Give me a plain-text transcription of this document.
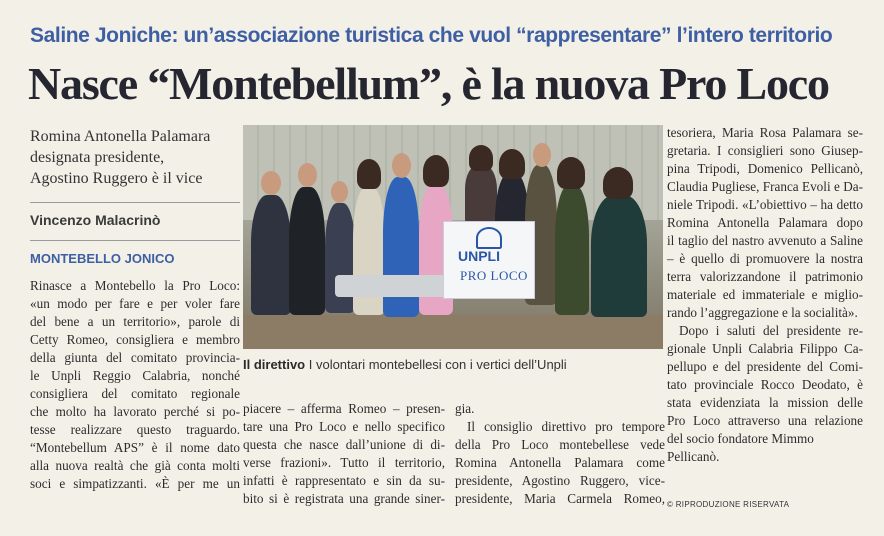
Saline Joniche: un’associazione turistica che vuol “rappresentare” l’intero territorio
Nasce “Montebellum”, è la nuova Pro Loco
Romina Antonella Palamara
designata presidente,
Agostino Ruggero è il vice
Vincenzo Malacrinò
MONTEBELLO JONICO
Rinasce a Montebello la Pro Loco:
«un modo per fare e per voler fare
del bene a un territorio», parole di
Cetty Romeo, consigliera e membro
della giunta del comitato provincia-
le Unpli Reggio Calabria, nonché
consigliera del comitato regionale
che molto ha lavorato perché si po-
tesse realizzare questo traguardo.
“Montebellum APS” è il nome dato
alla nuova realtà che già conta molti
soci e simpatizzanti. «È per me un
UNPLI
PRO LOCO
Il direttivo I volontari montebellesi con i vertici dell’Unpli
piacere – afferma Romeo – presen-
tare una Pro Loco e nello specifico
questa che nasce dall’unione di di-
verse frazioni». Tutto il territorio,
infatti è rappresentato e sin da su-
bito si è registrata una grande siner-
gia.
Il consiglio direttivo pro tempore
della Pro Loco montebellese vede
Romina Antonella Palamara come
presidente, Agostino Ruggero, vice-
presidente, Maria Carmela Romeo,
tesoriera, Maria Rosa Palamara se-
gretaria. I consiglieri sono Giusep-
pina Tripodi, Domenico Pellicanò,
Claudia Pugliese, Franca Evoli e Da-
niele Tripodi. «L’obiettivo – ha detto
Romina Antonella Palamara dopo
il taglio del nastro avvenuto a Saline
– è quello di promuovere la nostra
terra valorizzandone il patrimonio
materiale ed immateriale e miglio-
rando l’aggregazione e la socialità».
Dopo i saluti del presidente re-
gionale Unpli Calabria Filippo Ca-
pellupo e del presidente del Comi-
tato provinciale Rocco Deodato, è
stata evidenziata la mission delle
Pro Loco attraverso una relazione
del socio fondatore Mimmo Pellicanò.
© RIPRODUZIONE RISERVATA
